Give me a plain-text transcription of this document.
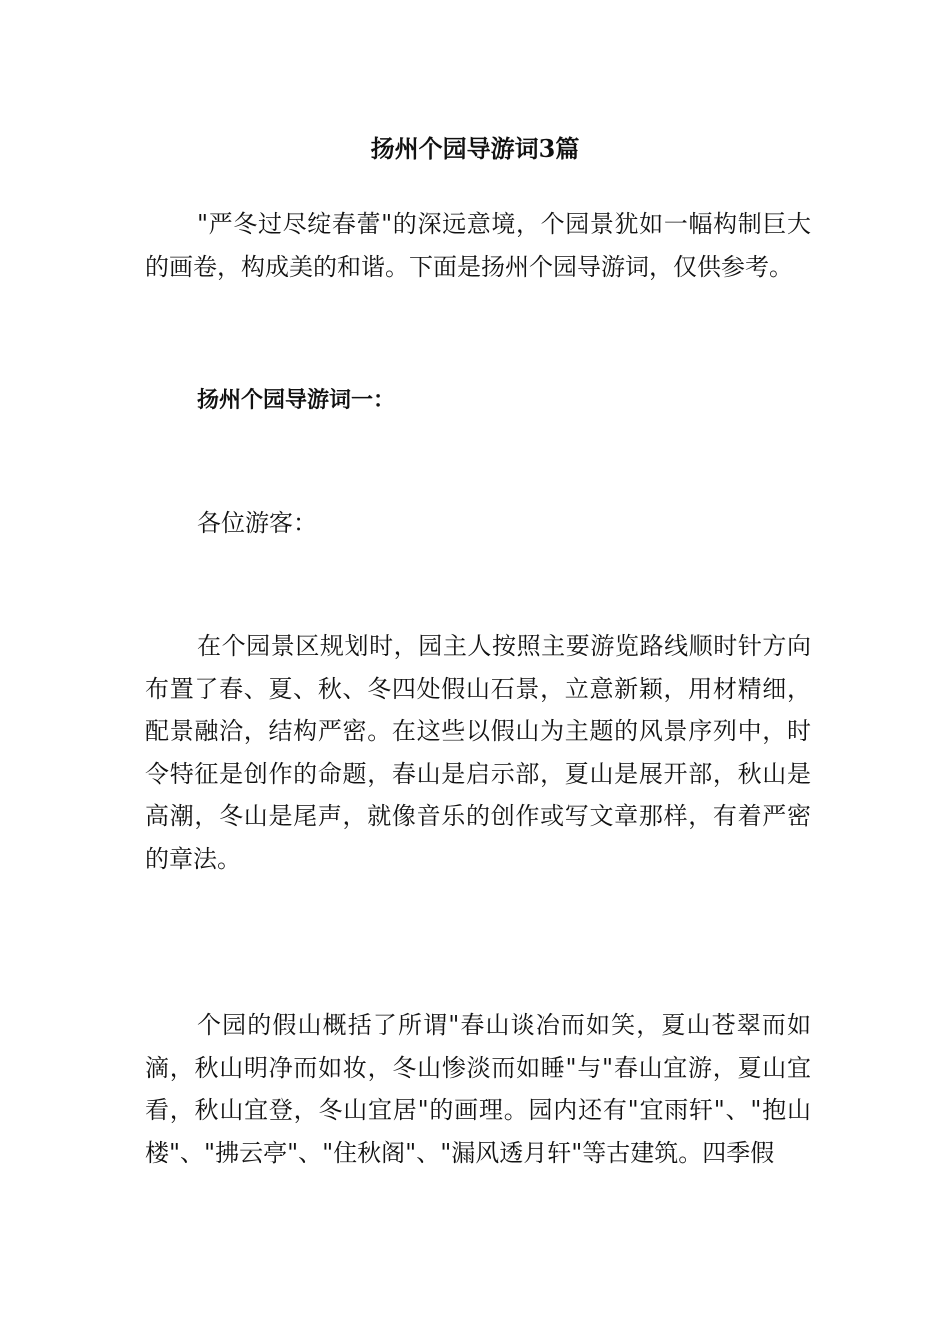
扬州个园导游词3篇

"严冬过尽绽春蕾"的深远意境，个园景犹如一幅构制巨大的画卷，构成美的和谐。下面是扬州个园导游词，仅供参考。

扬州个园导游词一：

各位游客：

在个园景区规划时，园主人按照主要游览路线顺时针方向布置了春、夏、秋、冬四处假山石景，立意新颖，用材精细，配景融洽，结构严密。在这些以假山为主题的风景序列中，时令特征是创作的命题，春山是启示部，夏山是展开部，秋山是高潮，冬山是尾声，就像音乐的创作或写文章那样，有着严密的章法。

个园的假山概括了所谓"春山谈冶而如笑，夏山苍翠而如滴，秋山明净而如妆，冬山惨淡而如睡"与"春山宜游，夏山宜看，秋山宜登，冬山宜居"的画理。园内还有"宜雨轩"、"抱山楼"、"拂云亭"、"住秋阁"、"漏风透月轩"等古建筑。四季假
